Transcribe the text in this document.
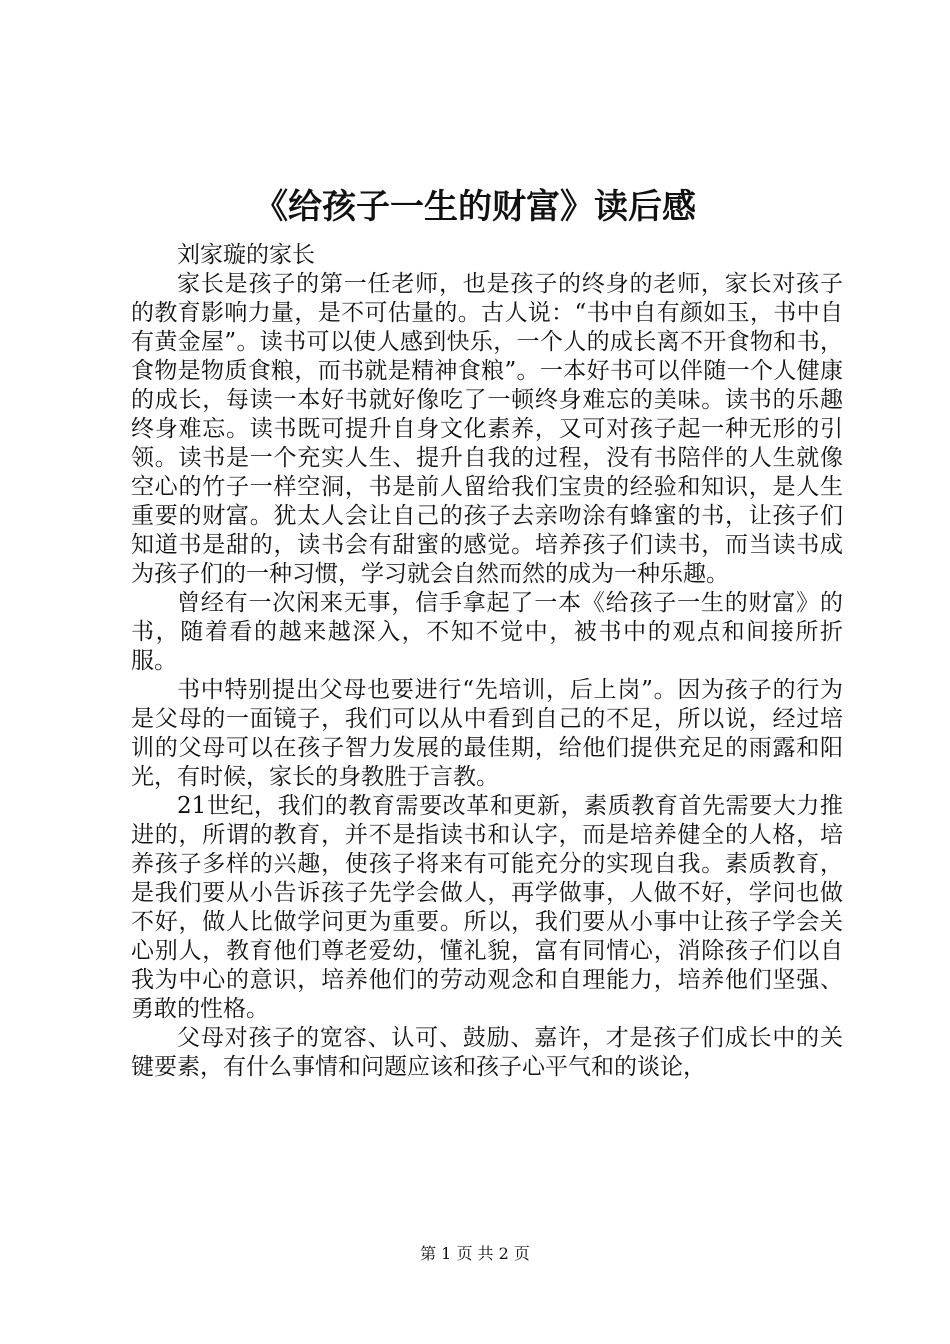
《给孩子一生的财富》读后感

刘家璇的家长

家长是孩子的第一任老师，也是孩子的终身的老师，家长对孩子的教育影响力量，是不可估量的。古人说：“书中自有颜如玉，书中自有黄金屋”。读书可以使人感到快乐，一个人的成长离不开食物和书，食物是物质食粮，而书就是精神食粮”。一本好书可以伴随一个人健康的成长，每读一本好书就好像吃了一顿终身难忘的美味。读书的乐趣终身难忘。读书既可提升自身文化素养，又可对孩子起一种无形的引领。读书是一个充实人生、提升自我的过程，没有书陪伴的人生就像空心的竹子一样空洞，书是前人留给我们宝贵的经验和知识，是人生重要的财富。犹太人会让自己的孩子去亲吻涂有蜂蜜的书，让孩子们知道书是甜的，读书会有甜蜜的感觉。培养孩子们读书，而当读书成为孩子们的一种习惯，学习就会自然而然的成为一种乐趣。

曾经有一次闲来无事，信手拿起了一本《给孩子一生的财富》的书，随着看的越来越深入，不知不觉中，被书中的观点和间接所折服。

书中特别提出父母也要进行“先培训，后上岗”。因为孩子的行为是父母的一面镜子，我们可以从中看到自己的不足，所以说，经过培训的父母可以在孩子智力发展的最佳期，给他们提供充足的雨露和阳光，有时候，家长的身教胜于言教。

21世纪，我们的教育需要改革和更新，素质教育首先需要大力推进的，所谓的教育，并不是指读书和认字，而是培养健全的人格，培养孩子多样的兴趣，使孩子将来有可能充分的实现自我。素质教育，是我们要从小告诉孩子先学会做人，再学做事，人做不好，学问也做不好，做人比做学问更为重要。所以，我们要从小事中让孩子学会关心别人，教育他们尊老爱幼，懂礼貌，富有同情心，消除孩子们以自我为中心的意识，培养他们的劳动观念和自理能力，培养他们坚强、勇敢的性格。

父母对孩子的宽容、认可、鼓励、嘉许，才是孩子们成长中的关键要素，有什么事情和问题应该和孩子心平气和的谈论，

第 1 页 共 2 页
